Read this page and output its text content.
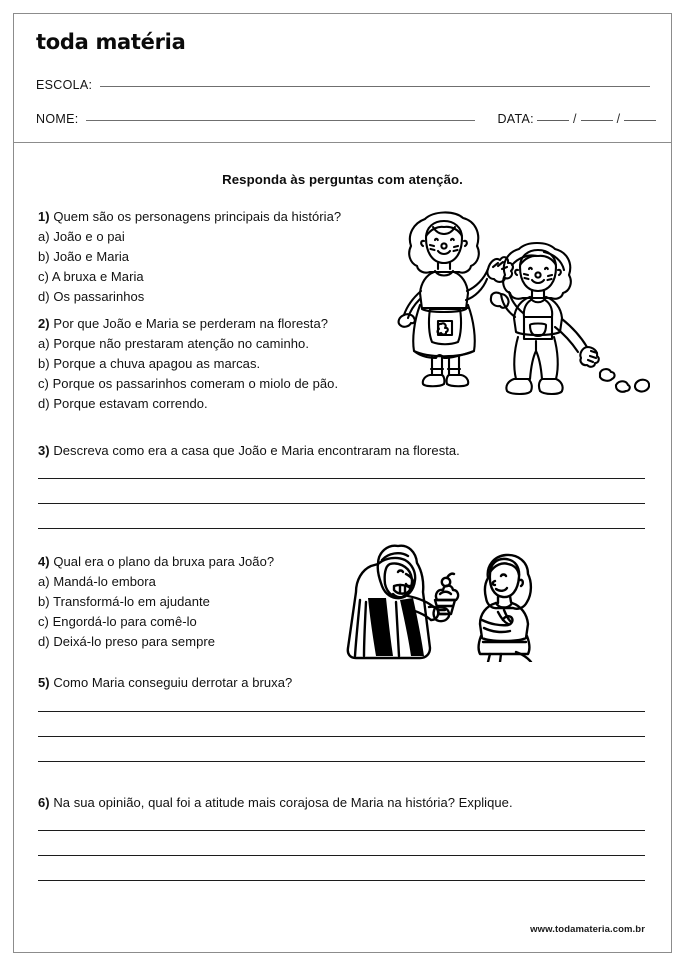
toda matéria
ESCOLA:
NOME:	DATA:	/	/
Responda às perguntas com atenção.
1) Quem são os personagens principais da história?
a) João e o pai
b) João e Maria
c) A bruxa e Maria
d) Os passarinhos
2) Por que João e Maria se perderam na floresta?
a) Porque não prestaram atenção no caminho.
b) Porque a chuva apagou as marcas.
c) Porque os passarinhos comeram o miolo de pão.
d) Porque estavam correndo.
3) Descreva como era a casa que João e Maria encontraram na floresta.
4) Qual era o plano da bruxa para João?
a) Mandá-lo embora
b) Transformá-lo em ajudante
c) Engordá-lo para comê-lo
d) Deixá-lo preso para sempre
5) Como Maria conseguiu derrotar a bruxa?
6) Na sua opinião, qual foi a atitude mais corajosa de Maria na história? Explique.
www.todamateria.com.br
